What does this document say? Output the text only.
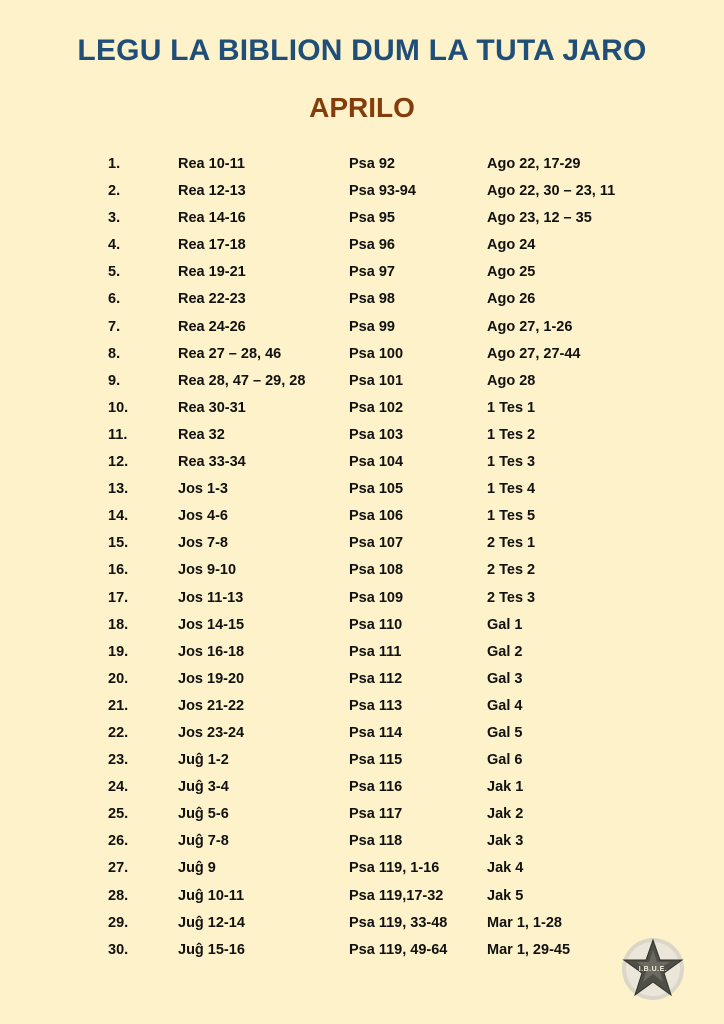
LEGU LA BIBLION DUM LA TUTA JARO
APRILO
1.	Rea 10-11	Psa 92	Ago 22, 17-29
2.	Rea 12-13	Psa 93-94	Ago 22, 30 – 23, 11
3.	Rea 14-16	Psa 95	Ago 23, 12 – 35
4.	Rea 17-18	Psa 96	Ago 24
5.	Rea 19-21	Psa 97	Ago 25
6.	Rea 22-23	Psa 98	Ago 26
7.	Rea 24-26	Psa 99	Ago 27, 1-26
8.	Rea 27 – 28, 46	Psa 100	Ago 27, 27-44
9.	Rea 28, 47 – 29, 28	Psa 101	Ago 28
10.	Rea 30-31	Psa 102	1 Tes 1
11.	Rea 32	Psa 103	1 Tes 2
12.	Rea 33-34	Psa 104	1 Tes 3
13.	Jos 1-3	Psa 105	1 Tes 4
14.	Jos 4-6	Psa 106	1 Tes 5
15.	Jos 7-8	Psa 107	2 Tes 1
16.	Jos 9-10	Psa 108	2 Tes 2
17.	Jos 11-13	Psa 109	2 Tes 3
18.	Jos 14-15	Psa 110	Gal 1
19.	Jos 16-18	Psa 111	Gal 2
20.	Jos 19-20	Psa 112	Gal 3
21.	Jos 21-22	Psa 113	Gal 4
22.	Jos 23-24	Psa 114	Gal 5
23.	Juĝ 1-2	Psa 115	Gal 6
24.	Juĝ 3-4	Psa 116	Jak 1
25.	Juĝ 5-6	Psa 117	Jak 2
26.	Juĝ 7-8	Psa 118	Jak 3
27.	Juĝ 9	Psa 119, 1-16	Jak 4
28.	Juĝ 10-11	Psa 119,17-32	Jak 5
29.	Juĝ 12-14	Psa 119, 33-48	Mar 1, 1-28
30.	Juĝ 15-16	Psa 119, 49-64	Mar 1, 29-45
I.B.U.E.
